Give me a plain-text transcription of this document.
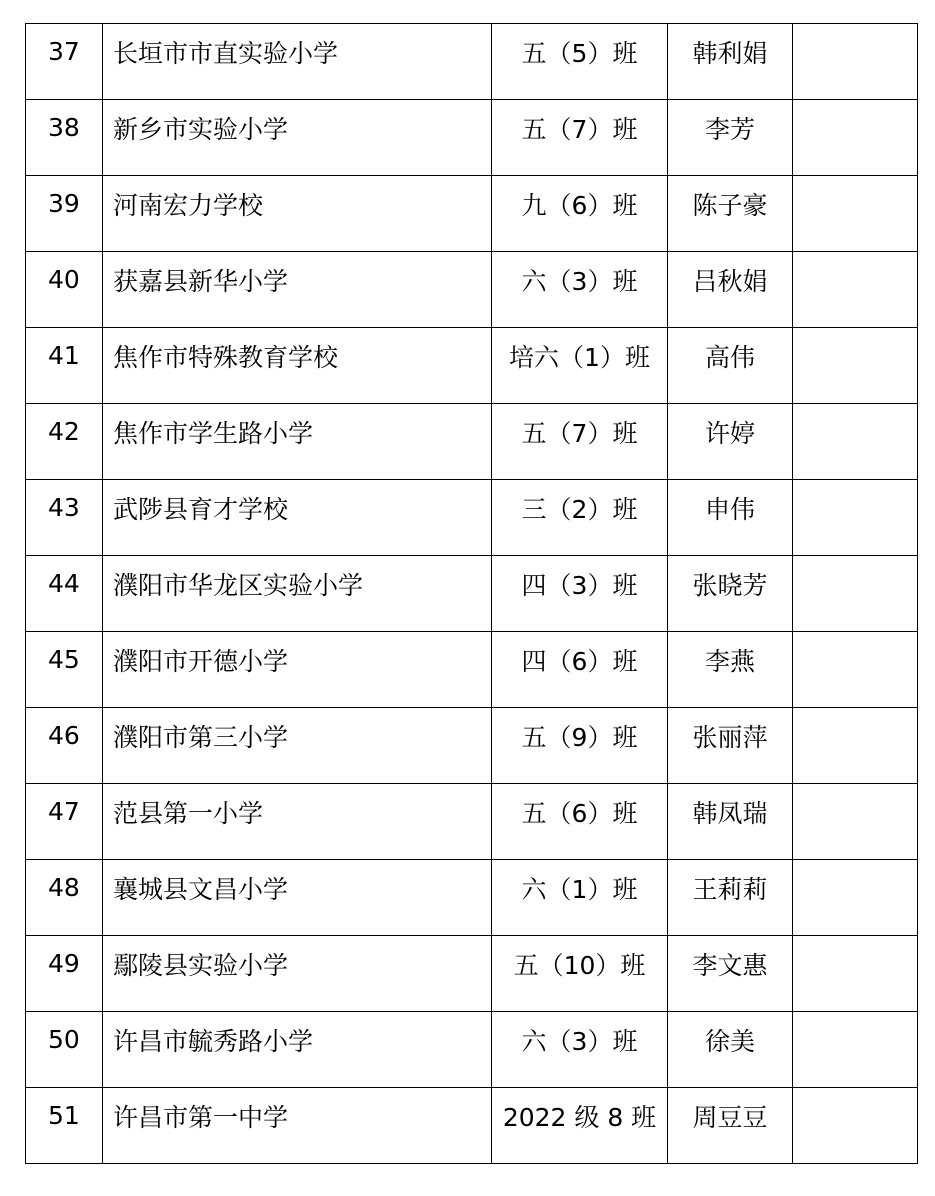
37	长垣市市直实验小学	五（5）班	韩利娟	
38	新乡市实验小学	五（7）班	李芳	
39	河南宏力学校	九（6）班	陈子豪	
40	获嘉县新华小学	六（3）班	吕秋娟	
41	焦作市特殊教育学校	培六（1）班	高伟	
42	焦作市学生路小学	五（7）班	许婷	
43	武陟县育才学校	三（2）班	申伟	
44	濮阳市华龙区实验小学	四（3）班	张晓芳	
45	濮阳市开德小学	四（6）班	李燕	
46	濮阳市第三小学	五（9）班	张丽萍	
47	范县第一小学	五（6）班	韩凤瑞	
48	襄城县文昌小学	六（1）班	王莉莉	
49	鄢陵县实验小学	五（10）班	李文惠	
50	许昌市毓秀路小学	六（3）班	徐美	
51	许昌市第一中学	2022 级 8 班	周豆豆	
